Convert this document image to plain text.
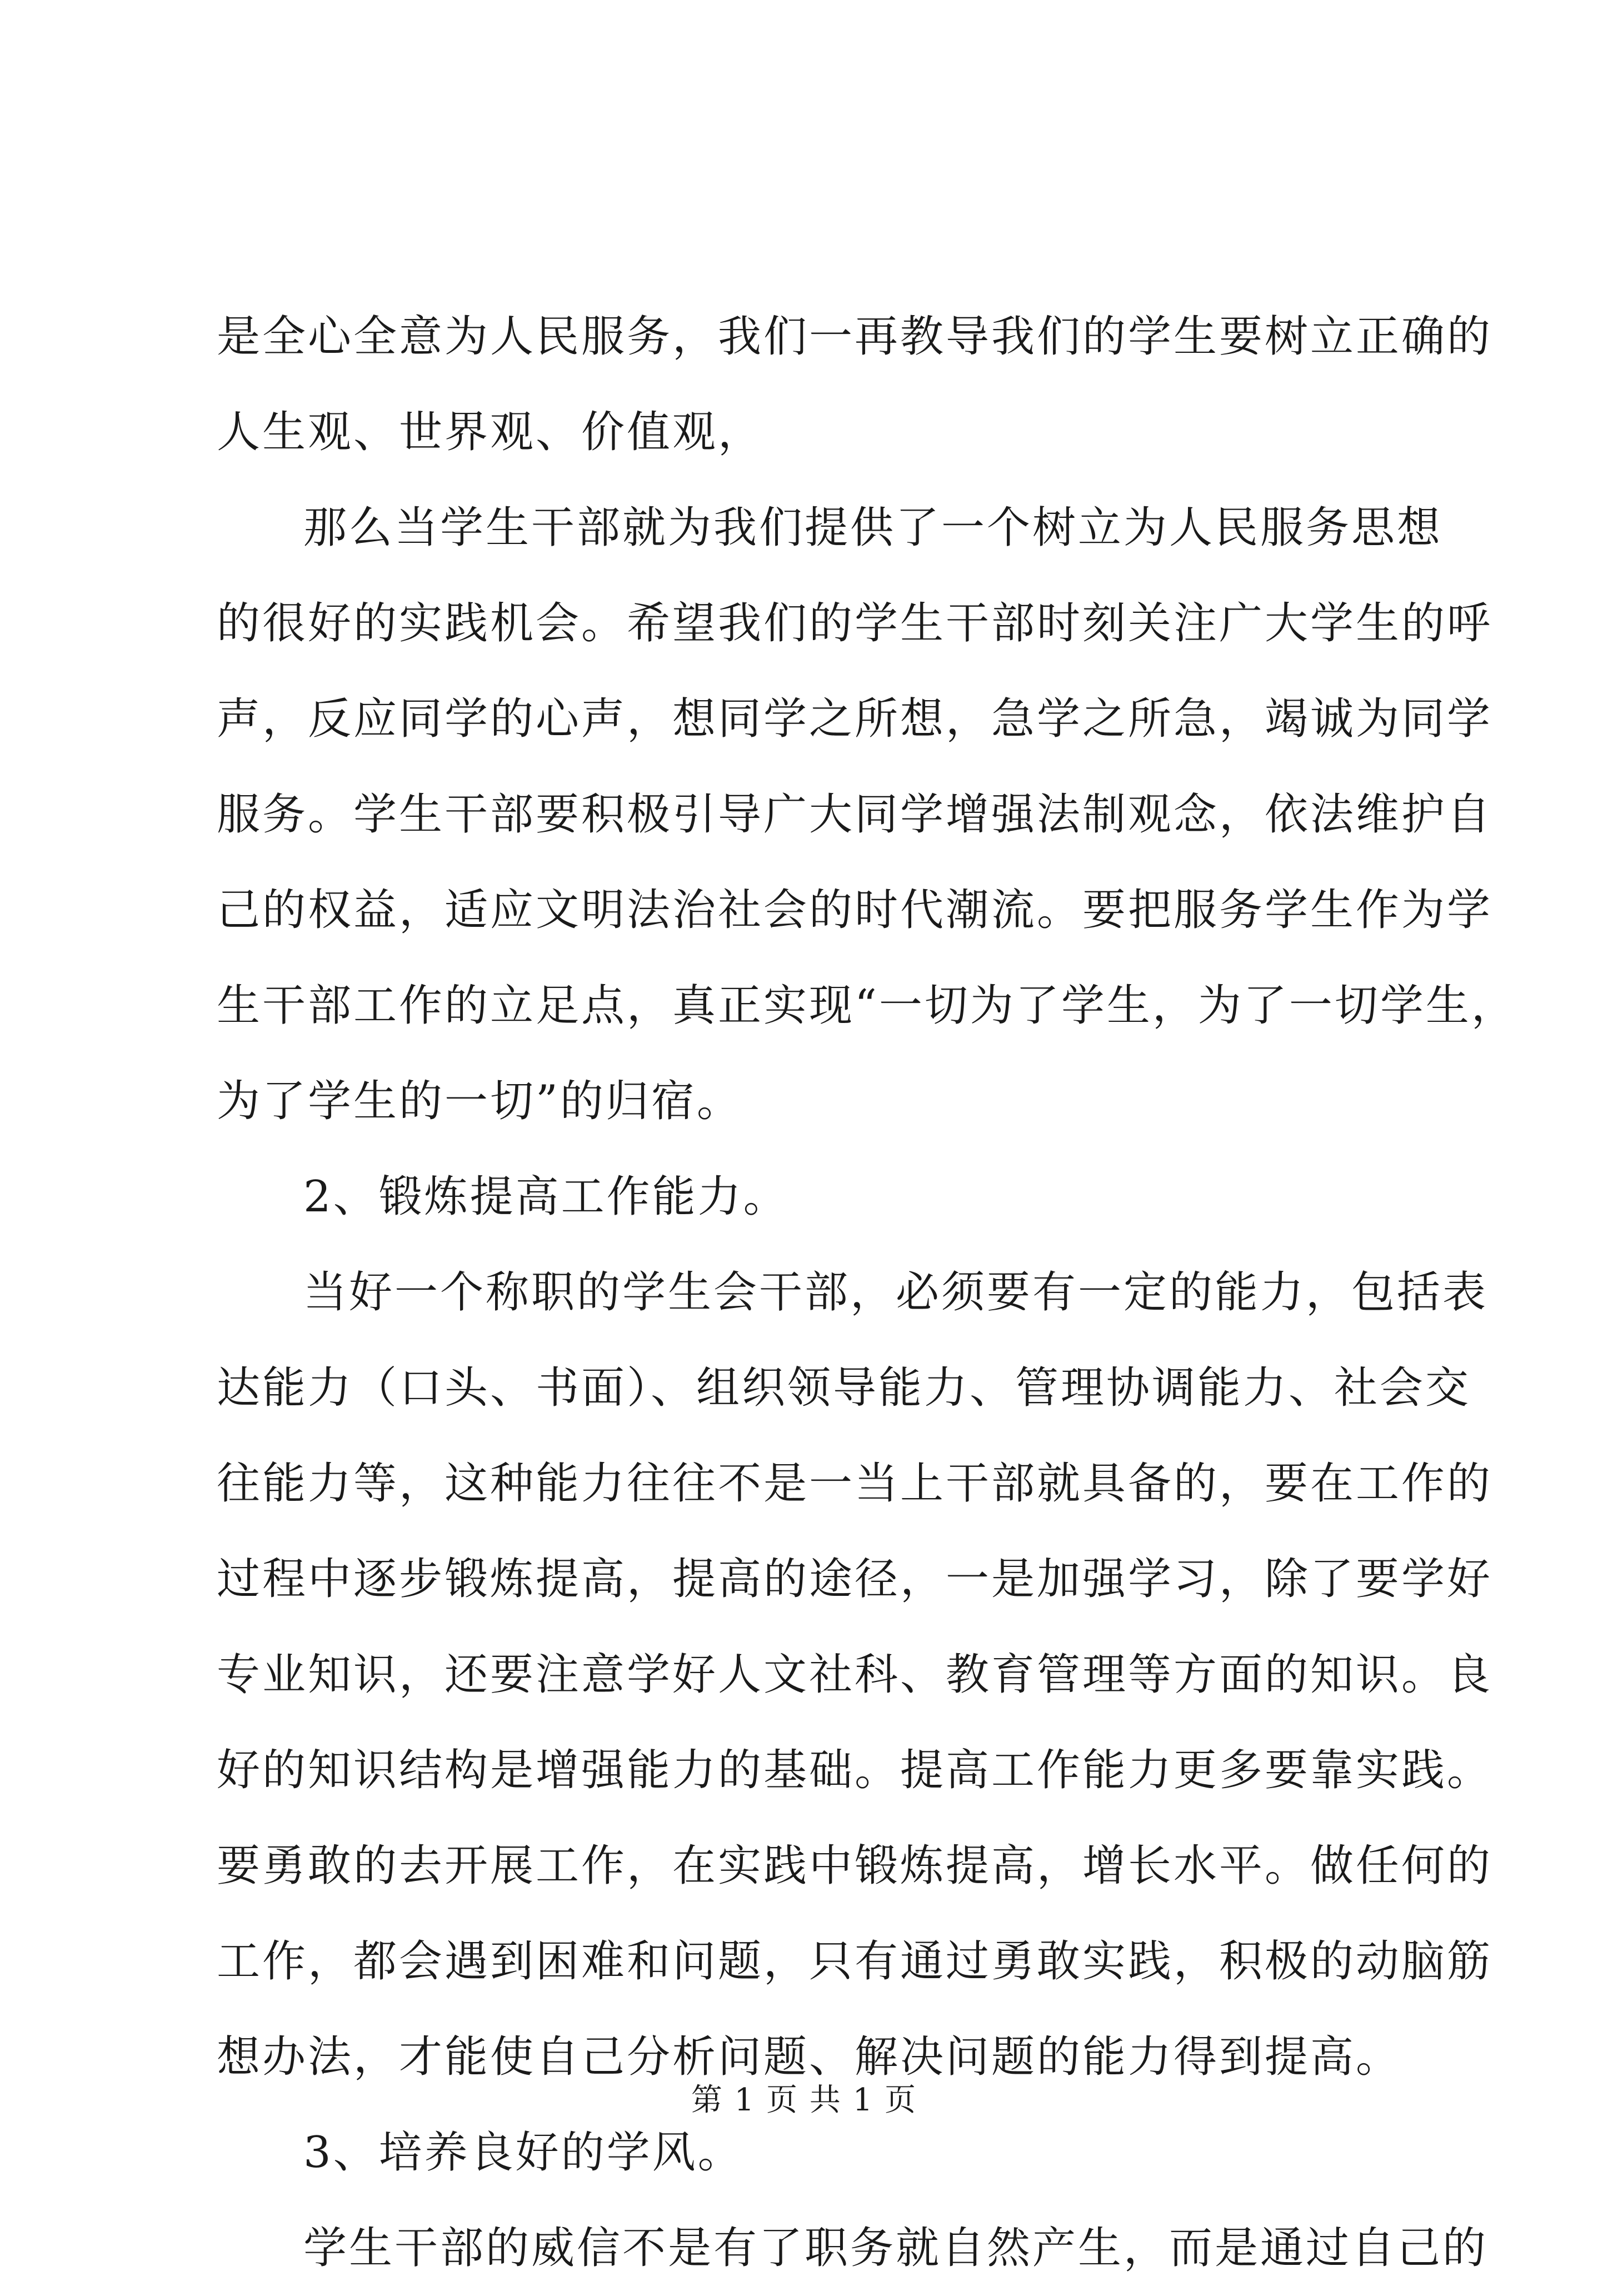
是全心全意为人民服务，我们一再教导我们的学生要树立正确的
人生观、世界观、价值观，
那么当学生干部就为我们提供了一个树立为人民服务思想
的很好的实践机会。希望我们的学生干部时刻关注广大学生的呼
声，反应同学的心声，想同学之所想，急学之所急，竭诚为同学
服务。学生干部要积极引导广大同学增强法制观念，依法维护自
己的权益，适应文明法治社会的时代潮流。要把服务学生作为学
生干部工作的立足点，真正实现“一切为了学生，为了一切学生，
为了学生的一切”的归宿。
2、锻炼提高工作能力。
当好一个称职的学生会干部，必须要有一定的能力，包括表
达能力（口头、书面）、组织领导能力、管理协调能力、社会交
往能力等，这种能力往往不是一当上干部就具备的，要在工作的
过程中逐步锻炼提高，提高的途径，一是加强学习，除了要学好
专业知识，还要注意学好人文社科、教育管理等方面的知识。良
好的知识结构是增强能力的基础。提高工作能力更多要靠实践。
要勇敢的去开展工作，在实践中锻炼提高，增长水平。做任何的
工作，都会遇到困难和问题，只有通过勇敢实践，积极的动脑筋
想办法，才能使自己分析问题、解决问题的能力得到提高。
3、培养良好的学风。
学生干部的威信不是有了职务就自然产生，而是通过自己的
第 1 页 共 1 页
